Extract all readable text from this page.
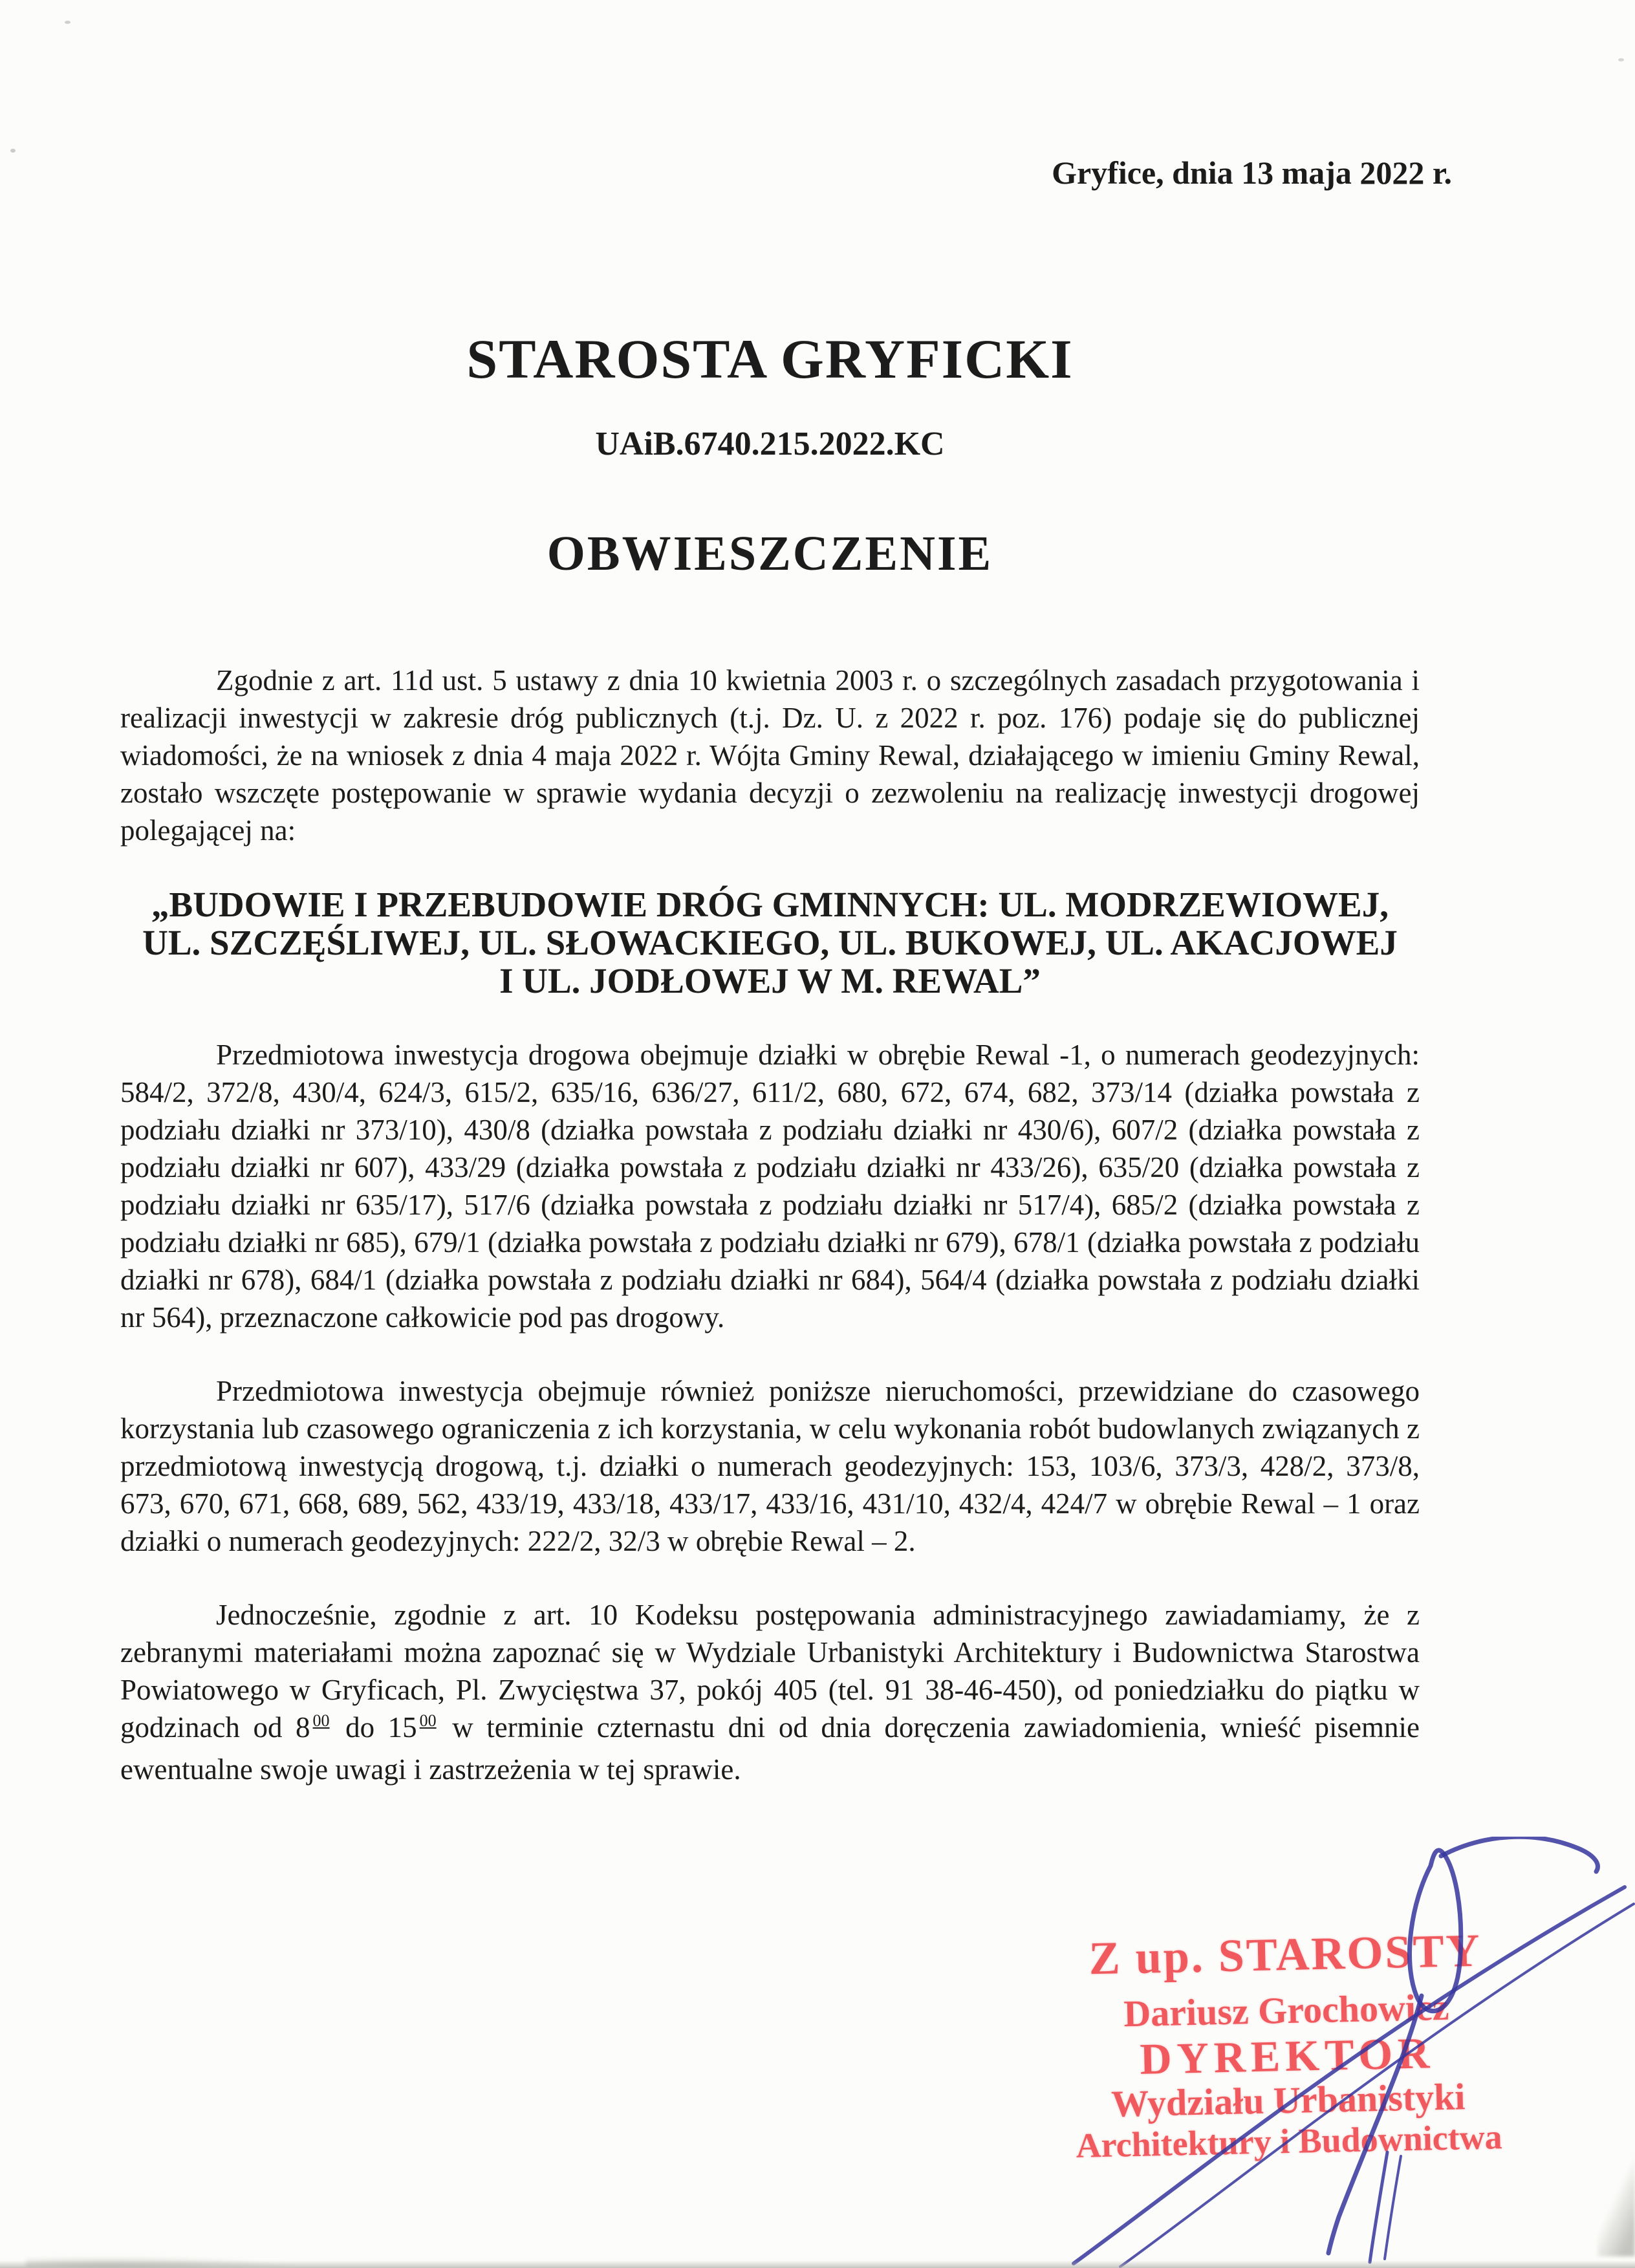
Gryfice, dnia 13 maja 2022 r.
STAROSTA GRYFICKI
UAiB.6740.215.2022.KC
OBWIESZCZENIE

Zgodnie z art. 11d ust. 5 ustawy z dnia 10 kwietnia 2003 r. o szczególnych zasadach przygotowania i realizacji inwestycji w zakresie dróg publicznych (t.j. Dz. U. z 2022 r. poz. 176) podaje się do publicznej wiadomości, że na wniosek z dnia 4 maja 2022 r. Wójta Gminy Rewal, działającego w imieniu Gminy Rewal, zostało wszczęte postępowanie w sprawie wydania decyzji o zezwoleniu na realizację inwestycji drogowej polegającej na:

„BUDOWIE I PRZEBUDOWIE DRÓG GMINNYCH: UL. MODRZEWIOWEJ,
UL. SZCZĘŚLIWEJ, UL. SŁOWACKIEGO, UL. BUKOWEJ, UL. AKACJOWEJ
I UL. JODŁOWEJ W M. REWAL”

Przedmiotowa inwestycja drogowa obejmuje działki w obrębie Rewal -1, o numerach geodezyjnych: 584/2, 372/8, 430/4, 624/3, 615/2, 635/16, 636/27, 611/2, 680, 672, 674, 682, 373/14 (działka powstała z podziału działki nr 373/10), 430/8 (działka powstała z podziału działki nr 430/6), 607/2 (działka powstała z podziału działki nr 607), 433/29 (działka powstała z podziału działki nr 433/26), 635/20 (działka powstała z podziału działki nr 635/17), 517/6 (działka powstała z podziału działki nr 517/4), 685/2 (działka powstała z podziału działki nr 685), 679/1 (działka powstała z podziału działki nr 679), 678/1 (działka powstała z podziału działki nr 678), 684/1 (działka powstała z podziału działki nr 684), 564/4 (działka powstała z podziału działki nr 564), przeznaczone całkowicie pod pas drogowy.

Przedmiotowa inwestycja obejmuje również poniższe nieruchomości, przewidziane do czasowego korzystania lub czasowego ograniczenia z ich korzystania, w celu wykonania robót budowlanych związanych z przedmiotową inwestycją drogową, t.j. działki o numerach geodezyjnych: 153, 103/6, 373/3, 428/2, 373/8, 673, 670, 671, 668, 689, 562, 433/19, 433/18, 433/17, 433/16, 431/10, 432/4, 424/7 w obrębie Rewal – 1 oraz działki o numerach geodezyjnych: 222/2, 32/3 w obrębie Rewal – 2.

Jednocześnie, zgodnie z art. 10 Kodeksu postępowania administracyjnego zawiadamiamy, że z zebranymi materiałami można zapoznać się w Wydziale Urbanistyki Architektury i Budownictwa Starostwa Powiatowego w Gryficach, Pl. Zwycięstwa 37, pokój 405 (tel. 91 38-46-450), od poniedziałku do piątku w godzinach od 8 $^{00}$ do 15 $^{00}$ w terminie czternastu dni od dnia doręczenia zawiadomienia, wnieść pisemnie ewentualne swoje uwagi i zastrzeżenia w tej sprawie.

Z up. STAROSTY
Dariusz Grochowicz
DYREKTOR
Wydziału Urbanistyki
Architektury i Budownictwa
